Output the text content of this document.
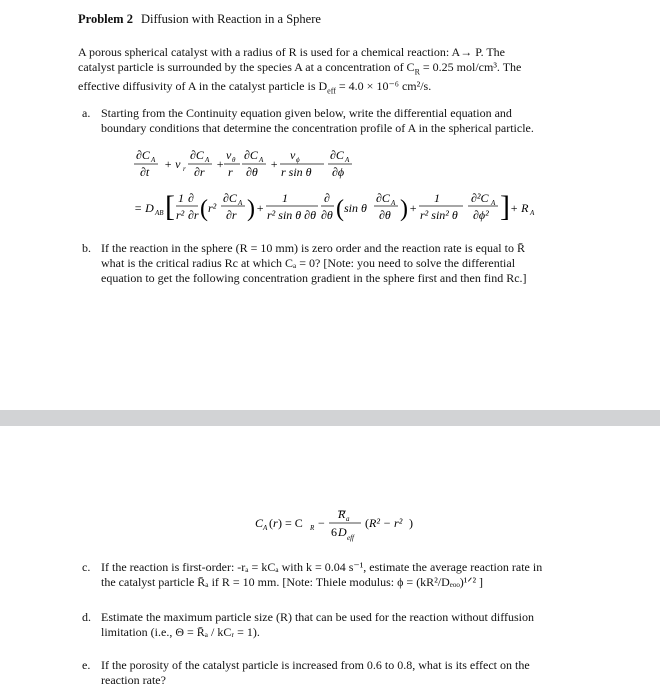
Problem 2 Diffusion with Reaction in a Sphere
A porous spherical catalyst with a radius of R is used for a chemical reaction: A→ P. The
catalyst particle is surrounded by the species A at a concentration of $C_R = 0.25$ mol/cm³. The
effective diffusivity of A in the catalyst particle is $D_{eff} = 4.0 \times 10^{-6}$ cm²/s.
a. Starting from the Continuity equation given below, write the differential equation and
boundary conditions that determine the concentration profile of A in the spherical particle.
∂C A
∂t
+ v r
∂C A
∂r
+
v θ
r
∂C A
∂θ
+
v ϕ
r sin θ
∂C A
∂ϕ
= D AB [ 1 ∂
r² ∂r ( r²
∂C A
∂r ) +
1
r² sin θ ∂θ
∂
∂θ ( sin θ
∂C A
∂θ ) +
1
r² sin² θ
∂²C A
∂ϕ² ] + R A
b. If the reaction in the sphere (R = 10 mm) is zero order and the reaction rate is equal to R̄
what is the critical radius Rc at which Cₐ = 0? [Note: you need to solve the differential
equation to get the following concentration gradient in the sphere first and then find Rc.]
C A ( r ) = C R −
R a
6 D eff
( R² − r² )
c. If the reaction is first-order: -rₐ = kCₐ with k = 0.04 s⁻¹, estimate the average reaction rate in
the catalyst particle R̄ₐ if R = 10 mm. [Note: Thiele modulus: ϕ = (kR²/Dₑₒₒ)¹ᐟ² ]
d. Estimate the maximum particle size (R) that can be used for the reaction without diffusion
limitation (i.e., Θ = R̄ₐ / kCᵣ = 1).
e. If the porosity of the catalyst particle is increased from 0.6 to 0.8, what is its effect on the
reaction rate?
